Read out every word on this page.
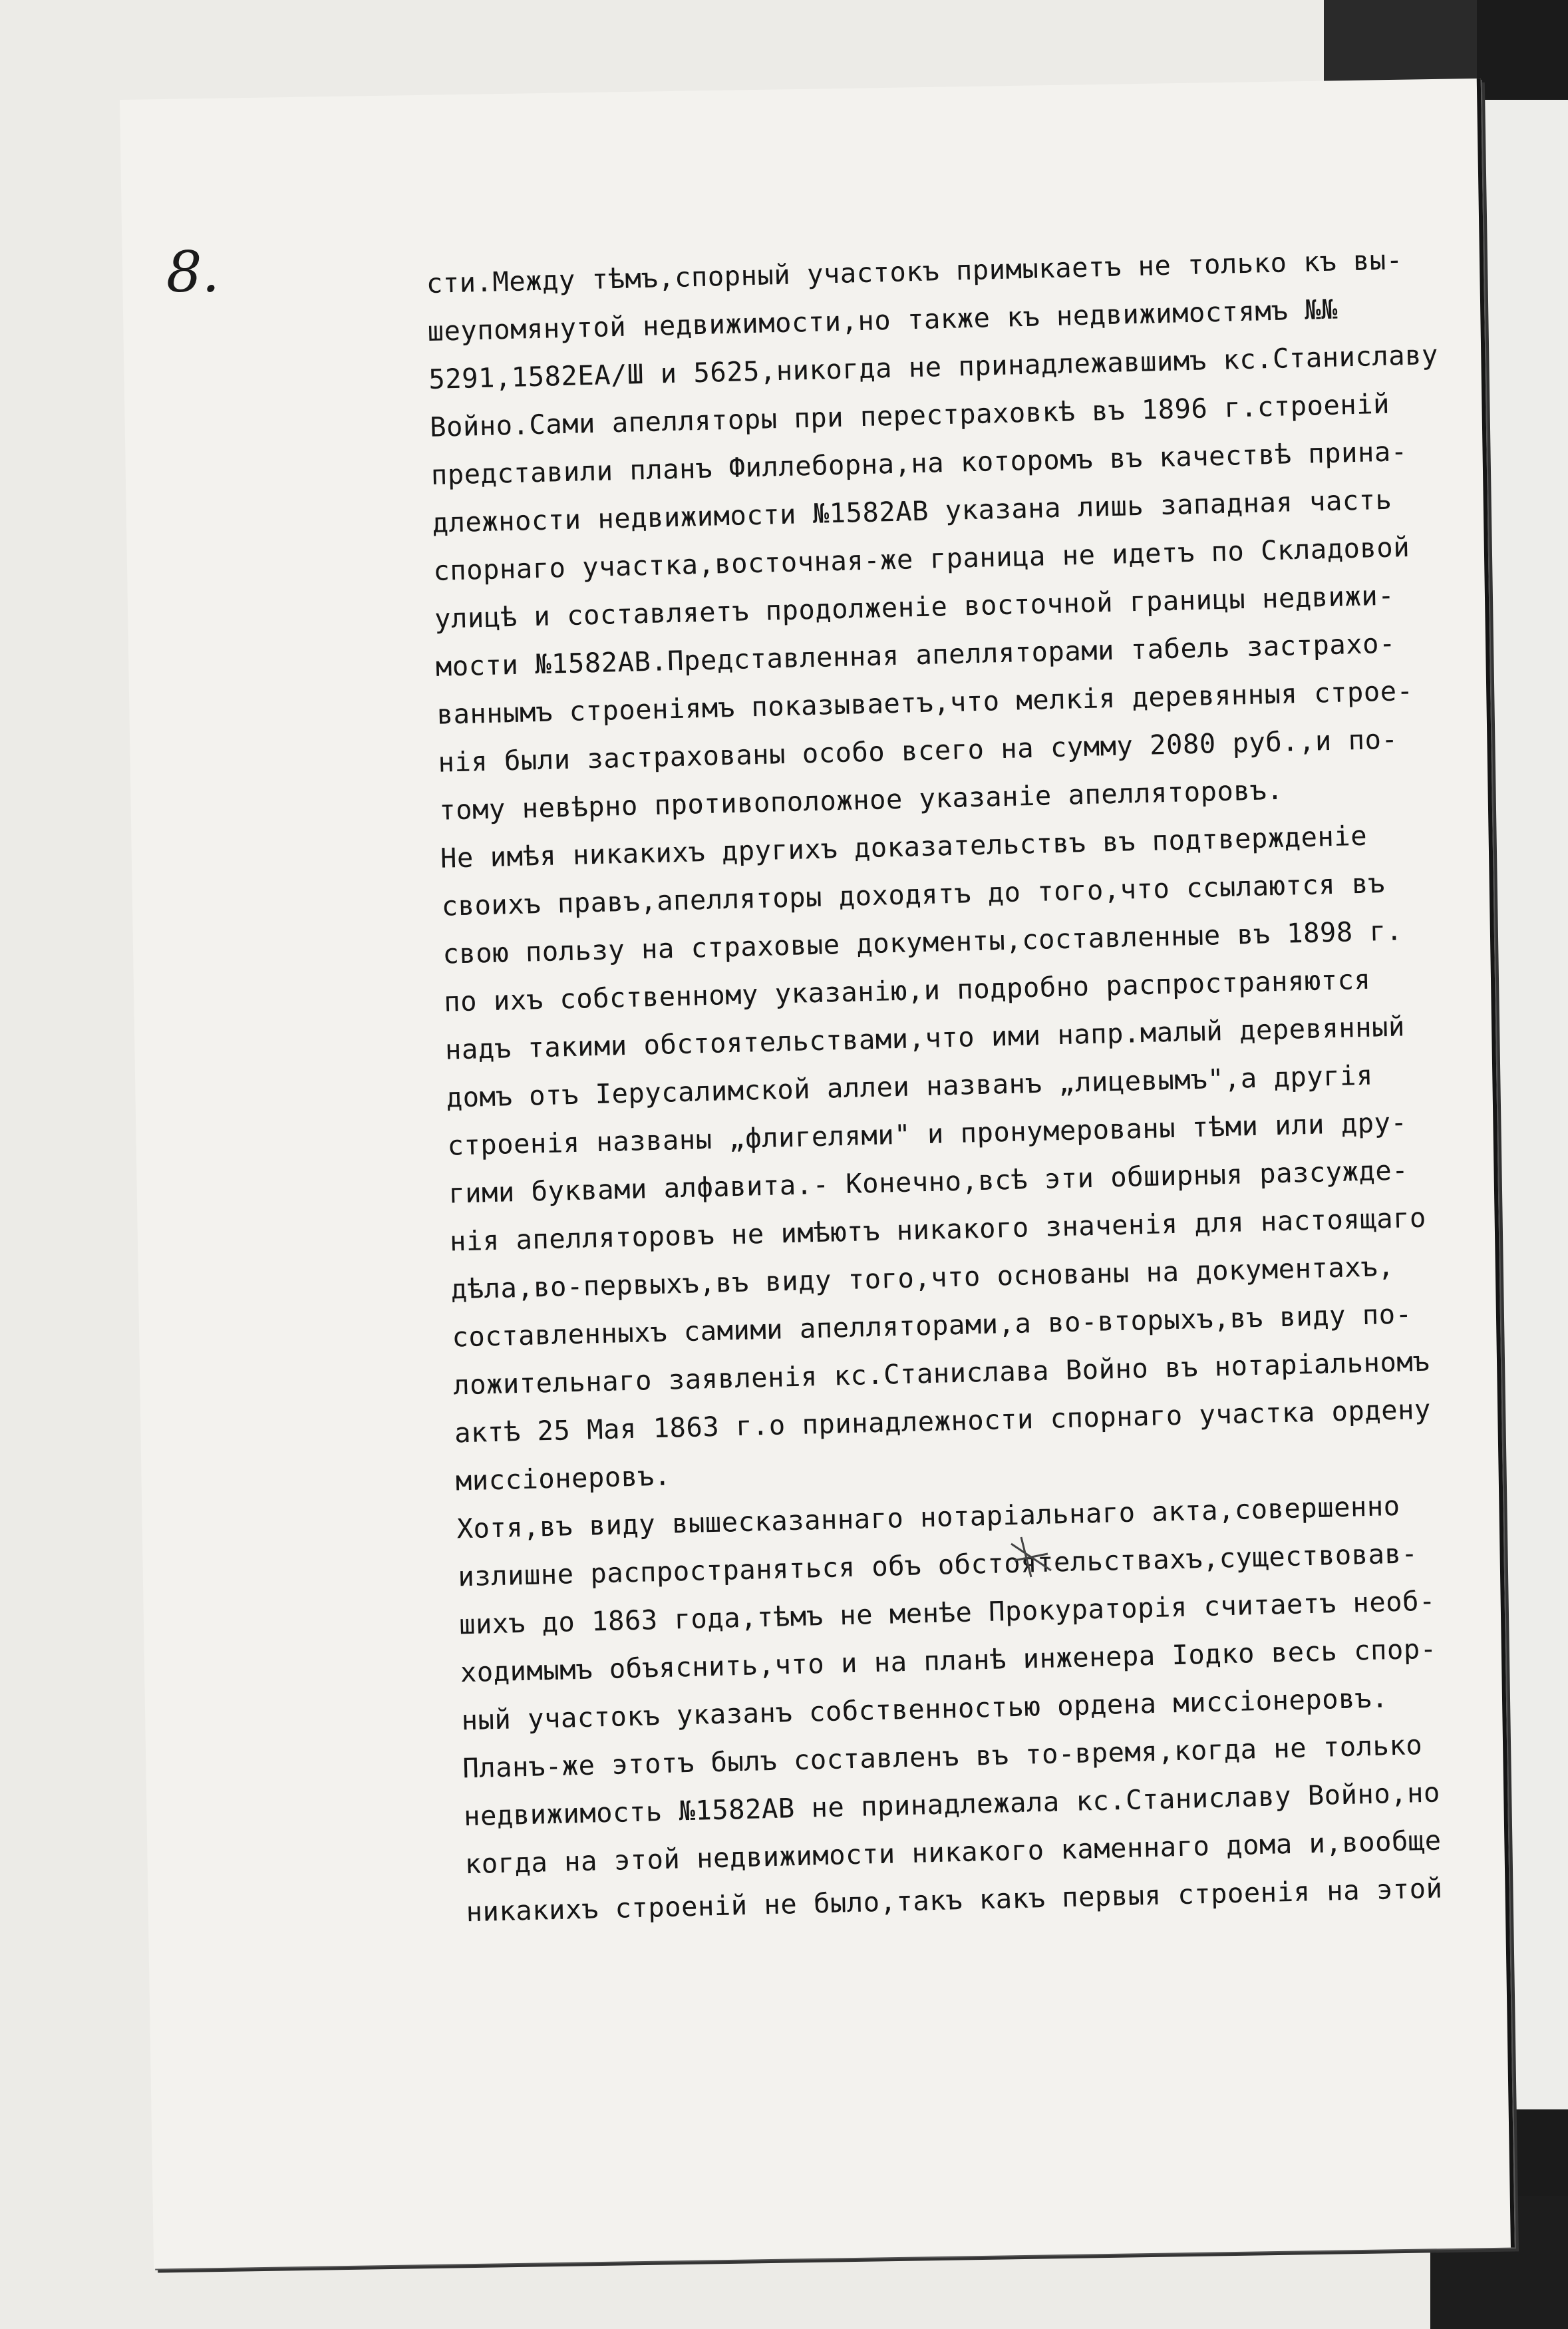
8.	сти.Между тѣмъ,спорный участокъ примыкаетъ не только къ вы-
шеупомянутой недвижимости,но также къ недвижимостямъ №№
5291,1582ЕА/Ш и 5625,никогда не принадлежавшимъ кс.Станиславу
Войно.Сами апелляторы при перестраховкѣ въ 1896 г.строеній
представили планъ Филлеборна,на которомъ въ качествѣ прина-
длежности недвижимости №1582АВ указана лишь западная часть
спорнаго участка,восточная-же граница не идетъ по Складовой
улицѣ и составляетъ продолженіе восточной границы недвижи-
мости №1582АВ.Представленная апелляторами табель застрахо-
ваннымъ строеніямъ показываетъ,что мелкія деревянныя строе-
нія были застрахованы особо всего на сумму 2080 руб.,и по-
тому невѣрно противоположное указаніе апелляторовъ.
Не имѣя никакихъ другихъ доказательствъ въ подтвержденіе
своихъ правъ,апелляторы доходятъ до того,что ссылаются въ
свою пользу на страховые документы,составленные въ 1898 г.
по ихъ собственному указанію,и подробно распространяются
надъ такими обстоятельствами,что ими напр.малый деревянный
домъ отъ Іерусалимской аллеи названъ „лицевымъ",а другія
строенія названы „флигелями" и пронумерованы тѣми или дру-
гими буквами алфавита.- Конечно,всѣ эти обширныя разсужде-
нія апелляторовъ не имѣютъ никакого значенія для настоящаго
дѣла,во-первыхъ,въ виду того,что основаны на документахъ,
составленныхъ самими апелляторами,а во-вторыхъ,въ виду по-
ложительнаго заявленія кс.Станислава Войно въ нотаріальномъ
актѣ 25 Мая 1863 г.о принадлежности спорнаго участка ордену
миссіонеровъ.
Хотя,въ виду вышесказаннаго нотаріальнаго акта,совершенно
излишне распространяться объ обстоятельствахъ,существовав-
шихъ до 1863 года,тѣмъ не менѣе Прокураторія считаетъ необ-
ходимымъ объяснить,что и на планѣ инженера Іодко весь спор-
ный участокъ указанъ собственностью ордена миссіонеровъ.
Планъ-же этотъ былъ составленъ въ то-время,когда не только
недвижимость №1582АВ не принадлежала кс.Станиславу Войно,но
когда на этой недвижимости никакого каменнаго дома и,вообще
никакихъ строеній не было,такъ какъ первыя строенія на этой
